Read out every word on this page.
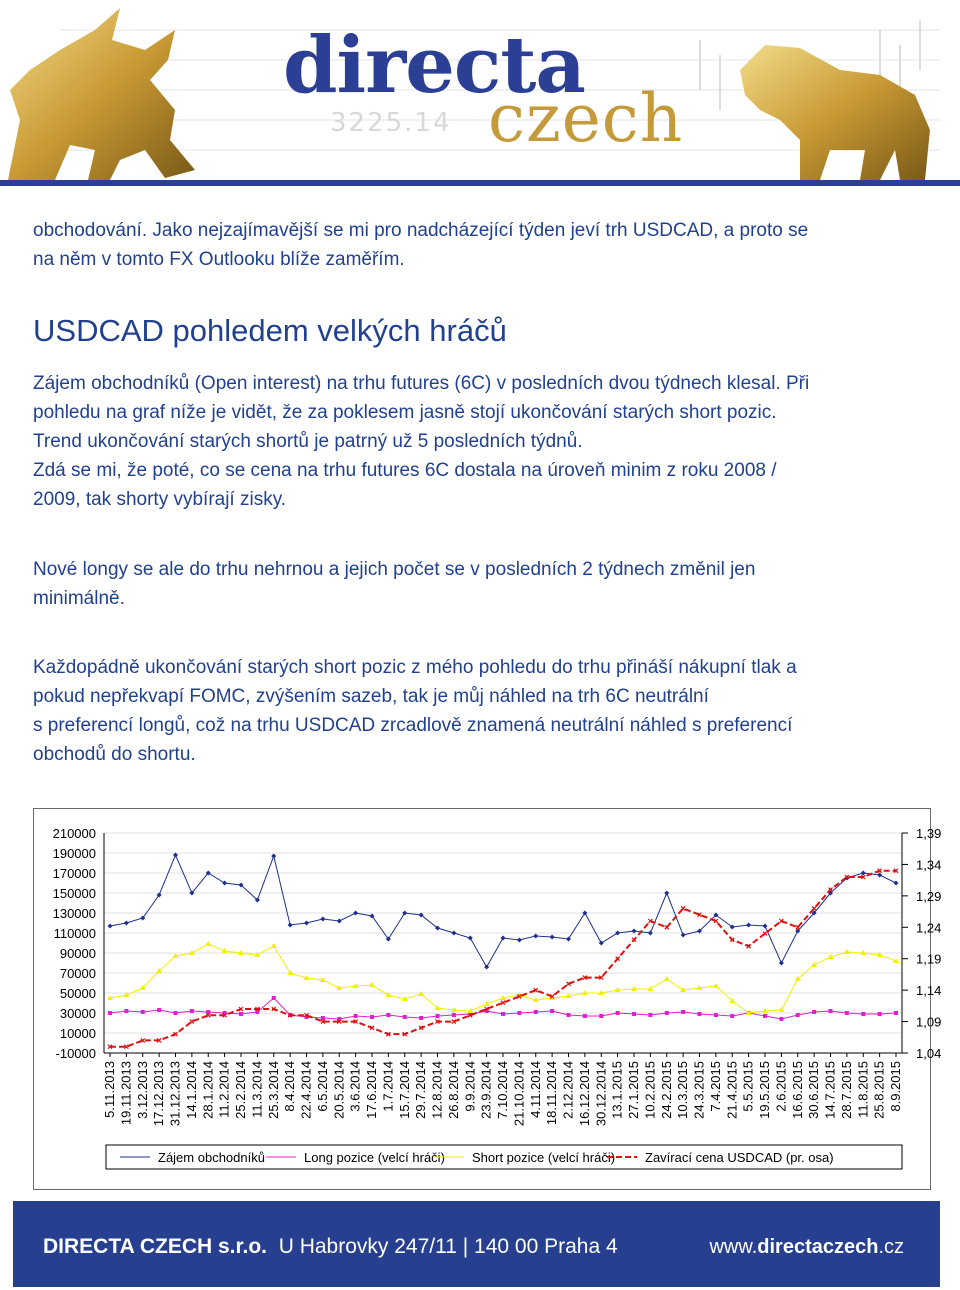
3225.14
directa
czech

obchodování. Jako nejzajímavější se mi pro nadcházející týden jeví trh USDCAD, a proto se
na něm v tomto FX Outlooku blíže zaměřím.

USDCAD pohledem velkých hráčů

Zájem obchodníků (Open interest) na trhu futures (6C) v posledních dvou týdnech klesal. Při
pohledu na graf níže je vidět, že za poklesem jasně stojí ukončování starých short pozic.
Trend ukončování starých shortů je patrný už 5 posledních týdnů.
Zdá se mi, že poté, co se cena na trhu futures 6C dostala na úroveň minim z roku 2008 /
2009, tak shorty vybírají zisky.

Nové longy se ale do trhu nehrnou a jejich počet se v posledních 2 týdnech změnil jen
minimálně.

Každopádně ukončování starých short pozic z mého pohledu do trhu přináší nákupní tlak a
pokud nepřekvapí FOMC, zvýšením sazeb, tak je můj náhled na trh 6C neutrální
s preferencí longů, což na trhu USDCAD zrcadlově znamená neutrální náhled s preferencí
obchodů do shortu.

210000
190000
170000
150000
130000
110000
90000
70000
50000
30000
10000
-10000
1,39
1,34
1,29
1,24
1,19
1,14
1,09
1,04
5.11.2013 19.11.2013 3.12.2013 17.12.2013 31.12.2013 14.1.2014 28.1.2014 11.2.2014 25.2.2014 11.3.2014 25.3.2014 8.4.2014 22.4.2014 6.5.2014 20.5.2014 3.6.2014 17.6.2014 1.7.2014 15.7.2014 29.7.2014 12.8.2014 26.8.2014 9.9.2014 23.9.2014 7.10.2014 21.10.2014 4.11.2014 18.11.2014 2.12.2014 16.12.2014 30.12.2014 13.1.2015 27.1.2015 10.2.2015 24.2.2015 10.3.2015 24.3.2015 7.4.2015 21.4.2015 5.5.2015 19.5.2015 2.6.2015 16.6.2015 30.6.2015 14.7.2015 28.7.2015 11.8.2015 25.8.2015 8.9.2015
Zájem obchodníků	Long pozice (velcí hráči) Short pozice (velcí hráči) Zavírací cena USDCAD (pr. osa)
DIRECTA CZECH s.r.o. U Habrovky 247/11 | 140 00 Praha 4	www.directaczech.cz
